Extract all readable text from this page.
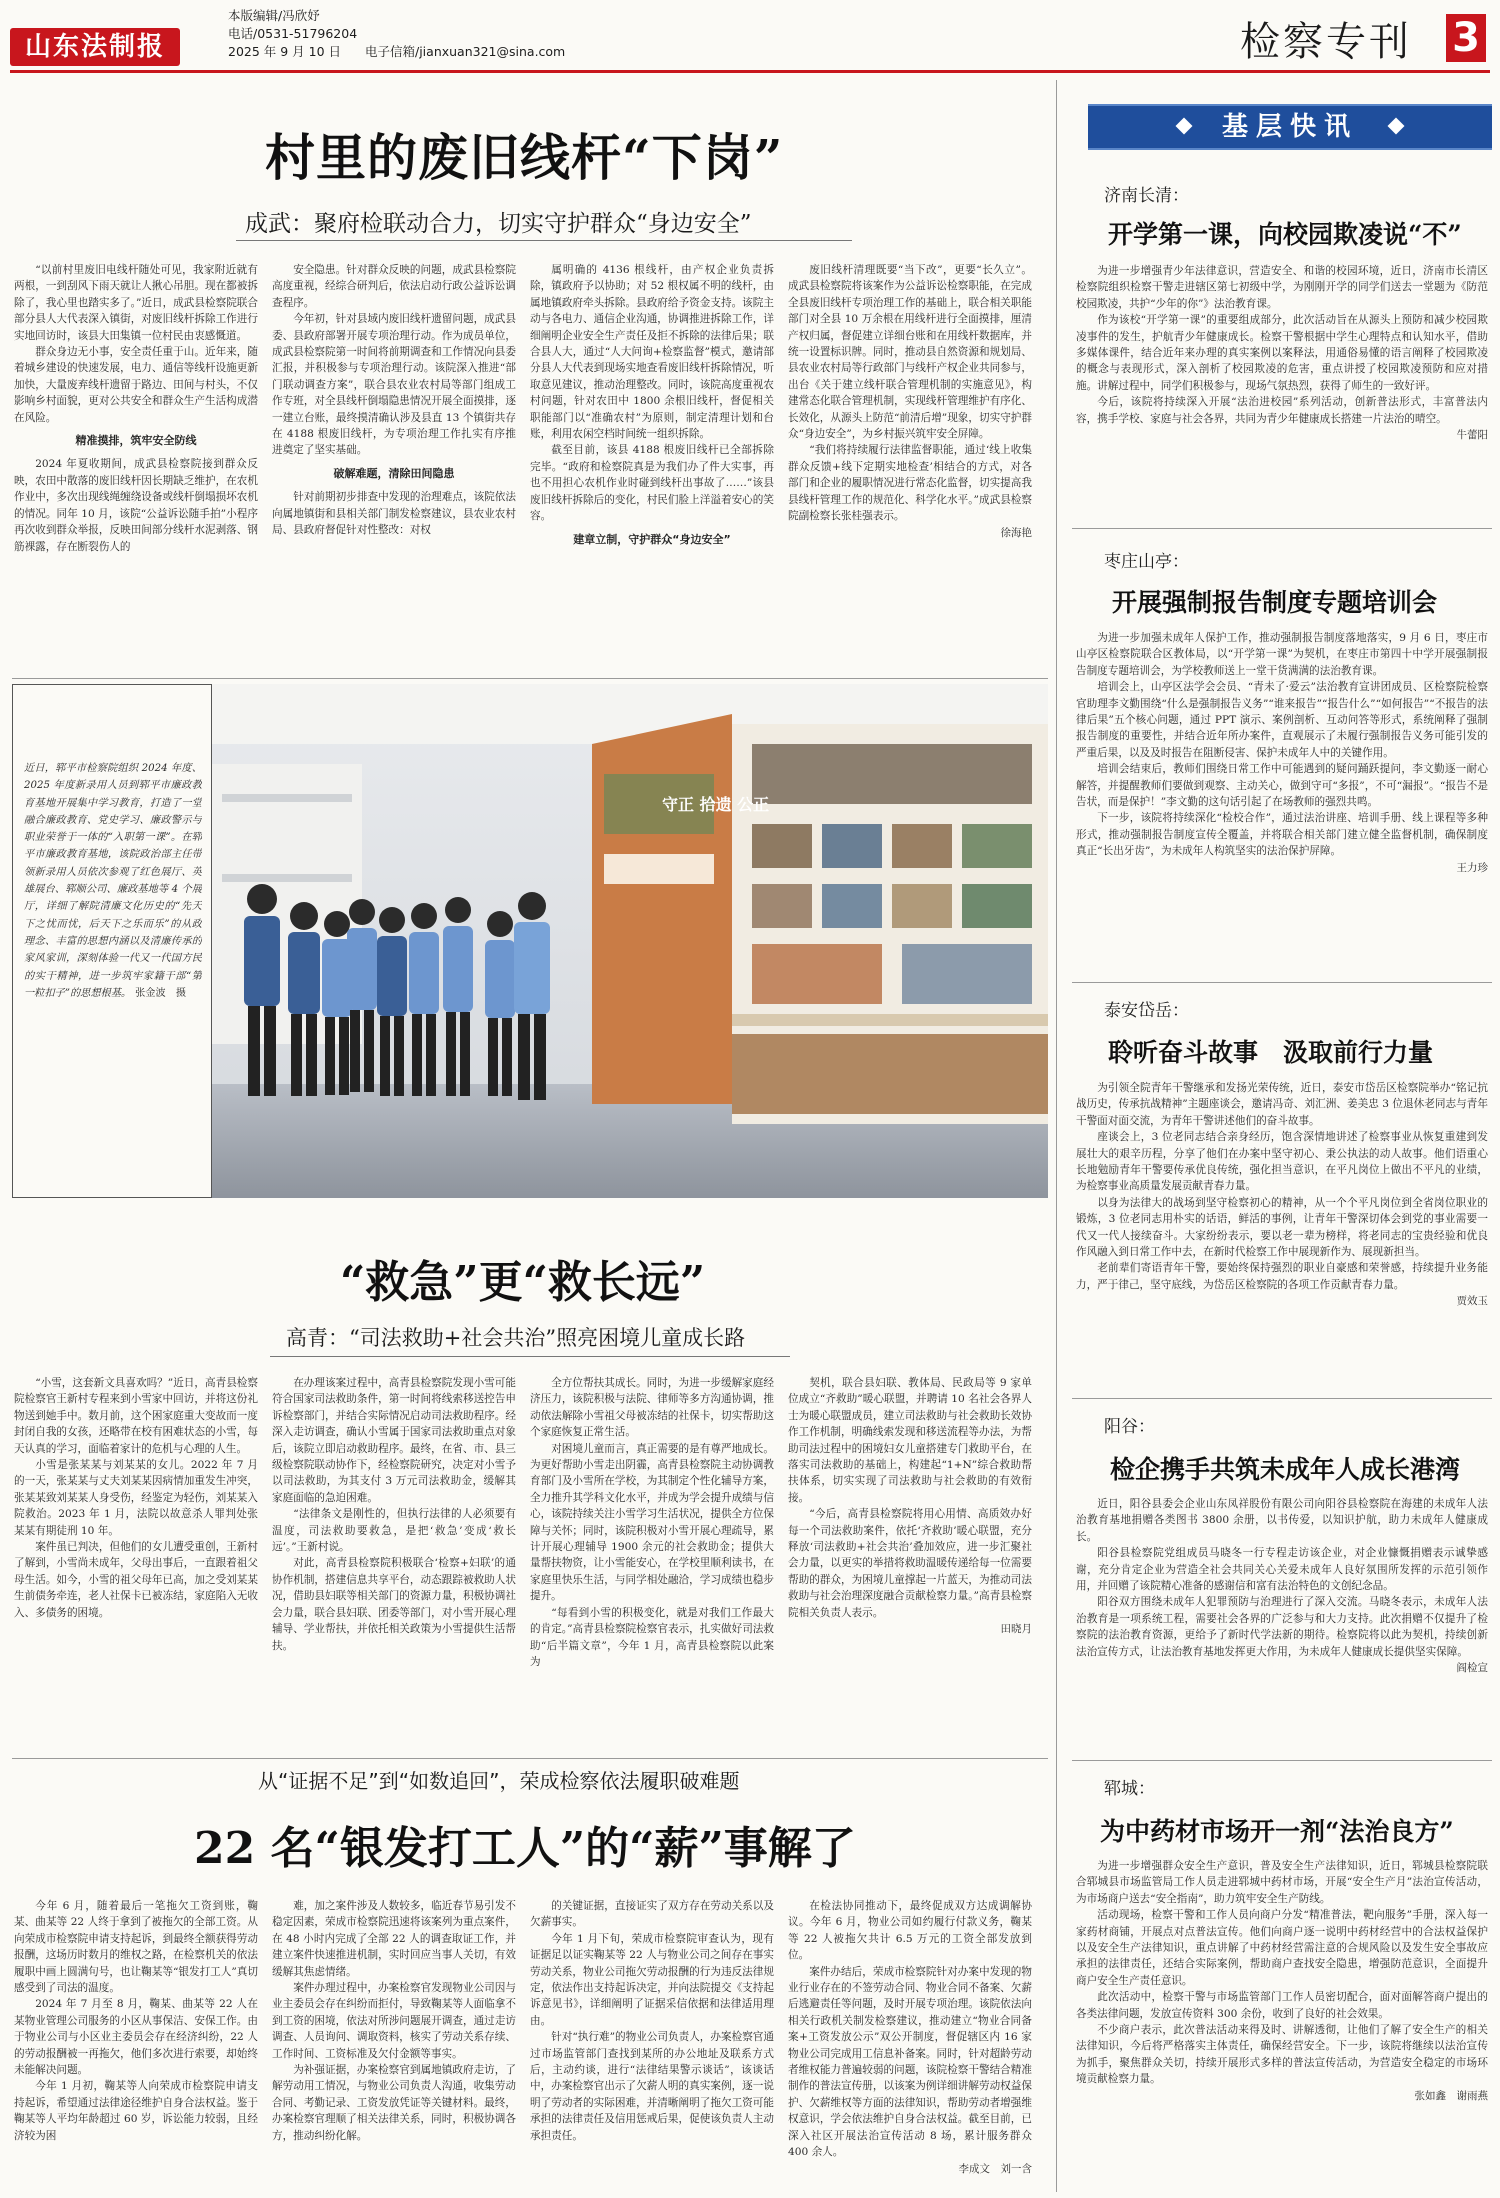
山东法制报
本版编辑/冯欣妤
电话/0531-51796204
2025 年 9 月 10 日 电子信箱/jianxuan321@sina.com	检察专刊 3
村里的废旧线杆“下岗”
成武：聚府检联动合力，切实守护群众“身边安全”

“以前村里废旧电线杆随处可见，我家附近就有两根，一到刮风下雨天就让人揪心吊胆。现在都被拆除了，我心里也踏实多了。”近日，成武县检察院联合部分县人大代表深入镇街，对废旧线杆拆除工作进行实地回访时，该县大田集镇一位村民由衷感慨道。

群众身边无小事，安全责任重于山。近年来，随着城乡建设的快速发展，电力、通信等线杆设施更新加快，大量废弃线杆遗留于路边、田间与村头，不仅影响乡村面貌，更对公共安全和群众生产生活构成潜在风险。

精准摸排，筑牢安全防线

2024 年夏收期间，成武县检察院接到群众反映，农田中散落的废旧线杆因长期缺乏维护，在农机作业中，多次出现线绳缠绕设备或线杆倒塌损坏农机的情况。同年 10 月，该院“公益诉讼随手拍”小程序再次收到群众举报，反映田间部分线杆水泥剥落、钢筋裸露，存在断裂伤人的

安全隐患。针对群众反映的问题，成武县检察院高度重视，经综合研判后，依法启动行政公益诉讼调查程序。

今年初，针对县域内废旧线杆遗留问题，成武县委、县政府部署开展专项治理行动。作为成员单位，成武县检察院第一时间将前期调查和工作情况向县委汇报，并积极参与专项治理行动。该院深入推进“部门联动调查方案”，联合县农业农村局等部门组成工作专班，对全县线杆倒塌隐患情况开展全面摸排，逐一建立台账，最终摸清确认涉及县直 13 个镇街共存在 4188 根废旧线杆，为专项治理工作扎实有序推进奠定了坚实基础。

破解难题，清除田间隐患

针对前期初步排查中发现的治理难点，该院依法向属地镇街和县相关部门制发检察建议，县农业农村局、县政府督促针对性整改：对权

属明确的 4136 根线杆，由产权企业负责拆除，镇政府予以协助；对 52 根权属不明的线杆，由属地镇政府牵头拆除。县政府给予资金支持。该院主动与各电力、通信企业沟通，协调推进拆除工作，详细阐明企业安全生产责任及拒不拆除的法律后果；联合县人大，通过“人大问询+检察监督”模式，邀请部分县人大代表到现场实地查看废旧线杆拆除情况，听取意见建议，推动治理整改。同时，该院高度重视农村问题，针对农田中 1800 余根旧线杆，督促相关职能部门以“准确农村”为原则，制定清理计划和台账，利用农闲空档时间统一组织拆除。

截至目前，该县 4188 根废旧线杆已全部拆除完毕。“政府和检察院真是为我们办了件大实事，再也不用担心农机作业时碰到线杆出事故了……”该县废旧线杆拆除后的变化，村民们脸上洋溢着安心的笑容。

建章立制，守护群众“身边安全”

废旧线杆清理既要“当下改”，更要“长久立”。成武县检察院将该案作为公益诉讼检察职能，在完成全县废旧线杆专项治理工作的基础上，联合相关职能部门对全县 10 万余根在用线杆进行全面摸排，厘清产权归属，督促建立详细台账和在用线杆数据库，并统一设置标识牌。同时，推动县自然资源和规划局、县农业农村局等行政部门与线杆产权企业共同参与，出台《关于建立线杆联合管理机制的实施意见》，构建常态化联合管理机制，实现线杆管理维护有序化、长效化，从源头上防范“前清后增”现象，切实守护群众“身边安全”，为乡村振兴筑牢安全屏障。

“我们将持续履行法律监督职能，通过‘线上收集群众反馈+线下定期实地检查’相结合的方式，对各部门和企业的履职情况进行常态化监督，切实提高我县线杆管理工作的规范化、科学化水平。”成武县检察院副检察长张桂强表示。

徐海艳
近日，郓平市检察院组织 2024 年度、2025 年度新录用人员到郓平市廉政教育基地开展集中学习教育，打造了一堂融合廉政教育、党史学习、廉政警示与职业荣誉于一体的“入职第一课”。在郓平市廉政教育基地，该院政治部主任带领新录用人员依次参观了红色展厅、英雄展台、郓顺公司、廉政基地等 4 个展厅，详细了解院清廉文化历史的“先天下之忧而忧，后天下之乐而乐”的从政理念、丰富的思想内涵以及清廉传承的家风家训，深刻体验一代又一代国方民的实干精神，进一步筑牢家籍干部“第一粒扣子”的思想根基。 张金波　摄
守正 拾遗 公正
“救急”更“救长远”
高青：“司法救助+社会共治”照亮困境儿童成长路

“小雪，这套新文具喜欢吗？”近日，高青县检察院检察官王新村专程来到小雪家中回访，并将这份礼物送到她手中。数月前，这个困家庭重大变故而一度封闭自我的女孩，还略带在校有困难状态的小雪，每天认真的学习，面临着家计的危机与心理的人生。

小雪是张某某与刘某某的女儿。2022 年 7 月的一天，张某某与丈夫刘某某因病情加重发生冲突，张某某致刘某某人身受伤，经鉴定为轻伤，刘某某入院救治。2023 年 1 月，法院以故意杀人罪判处张某某有期徒刑 10 年。

案件虽已判决，但他们的女儿遭受重创，王新村了解到，小雪尚未成年，父母出事后，一直跟着祖父母生活。如今，小雪的祖父母年已高，加之受刘某某生前债务牵连，老人社保卡已被冻结，家庭陷入无收入、多债务的困境。

在办理该案过程中，高青县检察院发现小雪可能符合国家司法救助条件，第一时间将线索移送控告申诉检察部门，并结合实际情况启动司法救助程序。经深入走访调查，确认小雪属于国家司法救助重点对象后，该院立即启动救助程序。最终，在省、市、县三级检察院联动协作下，经检察院研究，决定对小雪予以司法救助，为其支付 3 万元司法救助金，缓解其家庭面临的急迫困难。

“法律条文是刚性的，但执行法律的人必须要有温度，司法救助要救急，是把‘救急’变成‘救长远’。”王新村说。

对此，高青县检察院积极联合‘检察+妇联’的通协作机制，搭建信息共享平台，动态跟踪被救助人状况，借助县妇联等相关部门的资源力量，积极协调社会力量，联合县妇联、团委等部门，对小雪开展心理辅导、学业帮扶，并依托相关政策为小雪提供生活帮扶。

全方位帮扶其成长。同时，为进一步缓解家庭经济压力，该院积极与法院、律师等多方沟通协调，推动依法解除小雪祖父母被冻结的社保卡，切实帮助这个家庭恢复正常生活。

对困境儿童而言，真正需要的是有尊严地成长。为更好帮助小雪走出阴霾，高青县检察院主动协调教育部门及小雪所在学校，为其制定个性化辅导方案，全力推升其学科文化水平，并成为学会提升成绩与信心，该院持续关注小雪学习生活状况，提供全方位保障与关怀；同时，该院积极对小雪开展心理疏导，累计开展心理辅导 1900 余元的社会救助金；提供大量帮扶物资，让小雪能安心，在学校里顺利读书，在家庭里快乐生活，与同学相处融洽，学习成绩也稳步提升。

“每看到小雪的积极变化，就是对我们工作最大的肯定。”高青县检察院检察官表示，扎实做好司法救助“后半篇文章”，今年 1 月，高青县检察院以此案为

契机，联合县妇联、教体局、民政局等 9 家单位成立“齐救助”暖心联盟，并聘请 10 名社会各界人士为暖心联盟成员，建立司法救助与社会救助长效协作工作机制，明确线索发现和移送流程等办法，为帮助司法过程中的困境妇女儿童搭建专门救助平台，在落实司法救助的基础上，构建起“1+N”综合救助帮扶体系，切实实现了司法救助与社会救助的有效衔接。

“今后，高青县检察院将用心用情、高质效办好每一个司法救助案件，依托‘齐救助’暖心联盟，充分释放‘司法救助+社会共治’叠加效应，进一步汇聚社会力量，以更实的举措将救助温暖传递给每一位需要帮助的群众，为困境儿童撑起一片蓝天，为推动司法救助与社会治理深度融合贡献检察力量。”高青县检察院相关负责人表示。

田晓月
从“证据不足”到“如数追回”，荣成检察依法履职破难题
22 名“银发打工人”的“薪”事解了

今年 6 月，随着最后一笔拖欠工资到账，鞠某、曲某等 22 人终于拿到了被拖欠的全部工资。从向荣成市检察院申请支持起诉，到最终全额获得劳动报酬，这场历时数月的维权之路，在检察机关的依法履职中画上圆满句号，也让鞠某等“银发打工人”真切感受到了司法的温度。

2024 年 7 月至 8 月，鞠某、曲某等 22 人在某物业管理公司服务的小区从事保洁、安保工作。由于物业公司与小区业主委员会存在经济纠纷，22 人的劳动报酬被一再拖欠，他们多次进行索要，却始终未能解决问题。

今年 1 月初，鞠某等人向荣成市检察院申请支持起诉，希望通过法律途径维护自身合法权益。鉴于鞠某等人平均年龄超过 60 岁，诉讼能力较弱，且经济较为困

难，加之案件涉及人数较多，临近春节易引发不稳定因素，荣成市检察院迅速将该案列为重点案件，在 48 小时内完成了全部 22 人的调查取证工作，并建立案件快速推进机制，实时回应当事人关切，有效缓解其焦虑情绪。

案件办理过程中，办案检察官发现物业公司因与业主委员会存在纠纷而拒付，导致鞠某等人面临拿不到工资的困境，依法对所涉问题展开调查，通过走访调查、人员询问、调取资料，核实了劳动关系存续、工作时间、工资标准及欠付金额等事实。

为补强证据，办案检察官到属地镇政府走访，了解劳动用工情况，与物业公司负责人沟通，收集劳动合同、考勤记录、工资发放凭证等关键材料。最终，办案检察官理顺了相关法律关系，同时，积极协调各方，推动纠纷化解。

的关键证据，直接证实了双方存在劳动关系以及欠薪事实。

今年 1 月下旬，荣成市检察院审查认为，现有证据足以证实鞠某等 22 人与物业公司之间存在事实劳动关系，物业公司拖欠劳动报酬的行为违反法律规定，依法作出支持起诉决定，并向法院提交《支持起诉意见书》，详细阐明了证据采信依据和法律适用理由。

针对“执行难”的物业公司负责人，办案检察官通过市场监管部门查找到某所的办公地址及联系方式后，主动约谈，进行“法律结果警示谈话”，该谈话中，办案检察官出示了欠薪人明的真实案例，逐一说明了劳动者的实际困难，并清晰阐明了拖欠工资可能承担的法律责任及信用惩戒后果，促使该负责人主动承担责任。

在检法协同推动下，最终促成双方达成调解协议。今年 6 月，物业公司如约履行付款义务，鞠某等 22 人被拖欠共计 6.5 万元的工资全部发放到位。

案件办结后，荣成市检察院针对办案中发现的物业行业存在的不签劳动合同、物业合同不备案、欠薪后逃避责任等问题，及时开展专项治理。该院依法向相关行政机关制发检察建议，推动建立“物业合同备案+工资发放公示”双公开制度，督促辖区内 16 家物业公司完成用工信息补备案。同时，针对超龄劳动者维权能力普遍较弱的问题，该院检察干警结合精准制作的普法宣传册，以该案为例详细讲解劳动权益保护、欠薪维权等方面的法律知识，帮助劳动者增强维权意识，学会依法维护自身合法权益。截至目前，已深入社区开展法治宣传活动 8 场，累计服务群众 400 余人。

李成文　刘一含
基层快讯
济南长清：
开学第一课，向校园欺凌说“不”

为进一步增强青少年法律意识，营造安全、和谐的校园环境，近日，济南市长清区检察院组织检察干警走进辖区第七初级中学，为刚刚开学的同学们送去一堂题为《防范校园欺凌，共护“少年的你”》法治教育课。

作为该校“开学第一课”的重要组成部分，此次活动旨在从源头上预防和减少校园欺凌事件的发生，护航青少年健康成长。检察干警根据中学生心理特点和认知水平，借助多媒体课件，结合近年来办理的真实案例以案释法，用通俗易懂的语言阐释了校园欺凌的概念与表现形式，深入剖析了校园欺凌的危害，重点讲授了校园欺凌预防和应对措施。讲解过程中，同学们积极参与，现场气氛热烈，获得了师生的一致好评。

今后，该院将持续深入开展“法治进校园”系列活动，创新普法形式，丰富普法内容，携手学校、家庭与社会各界，共同为青少年健康成长搭建一片法治的晴空。

牛蕾阳
枣庄山亭：
开展强制报告制度专题培训会

为进一步加强未成年人保护工作，推动强制报告制度落地落实，9 月 6 日，枣庄市山亭区检察院联合区教体局，以“开学第一课”为契机，在枣庄市第四十中学开展强制报告制度专题培训会，为学校教师送上一堂干货满满的法治教育课。

培训会上，山亭区法学会会员、“青未了·爱云”法治教育宣讲团成员、区检察院检察官助理李文勤围绕“什么是强制报告义务”“谁来报告”“报告什么”“如何报告”“不报告的法律后果”五个核心问题，通过 PPT 演示、案例剖析、互动问答等形式，系统阐释了强制报告制度的重要性，并结合近年所办案件，直观展示了未履行强制报告义务可能引发的严重后果，以及及时报告在阻断侵害、保护未成年人中的关键作用。

培训会结束后，教师们围绕日常工作中可能遇到的疑问踊跃提问，李文勤逐一耐心解答，并提醒教师们要做到观察、主动关心，做到守可“多报”，不可“漏报”。“报告不是告状，而是保护！”李文勤的这句话引起了在场教师的强烈共鸣。

下一步，该院将持续深化“检校合作”，通过法治讲座、培训手册、线上课程等多种形式，推动强制报告制度宣传全覆盖，并将联合相关部门建立健全监督机制，确保制度真正“长出牙齿”，为未成年人构筑坚实的法治保护屏障。

王力珍
泰安岱岳：
聆听奋斗故事　汲取前行力量

为引领全院青年干警继承和发扬光荣传统，近日，泰安市岱岳区检察院举办“铭记抗战历史，传承抗战精神”主题座谈会，邀请冯奇、刘汇洲、姜美忠 3 位退休老同志与青年干警面对面交流，为青年干警讲述他们的奋斗故事。

座谈会上，3 位老同志结合亲身经历，饱含深情地讲述了检察事业从恢复重建到发展壮大的艰辛历程，分享了他们在办案中坚守初心、秉公执法的动人故事。他们语重心长地勉励青年干警要传承优良传统，强化担当意识，在平凡岗位上做出不平凡的业绩，为检察事业高质量发展贡献青春力量。

以身为法律大的战场到坚守检察初心的精神，从一个个平凡岗位到全省岗位职业的锻炼，3 位老同志用朴实的话语，鲜活的事例，让青年干警深切体会到党的事业需要一代又一代人接续奋斗。大家纷纷表示，要以老一辈为榜样，将老同志的宝贵经验和优良作风融入到日常工作中去，在新时代检察工作中展现新作为、展现新担当。

老前辈们寄语青年干警，要始终保持强烈的职业自豪感和荣誉感，持续提升业务能力，严于律己，坚守底线，为岱岳区检察院的各项工作贡献青春力量。

贾效玉
阳谷：
检企携手共筑未成年人成长港湾

近日，阳谷县委会企业山东凤祥股份有限公司向阳谷县检察院在海建的未成年人法治教育基地捐赠各类图书 3800 余册，以书传爱，以知识护航，助力未成年人健康成长。

阳谷县检察院党组成员马晓冬一行专程走访该企业，对企业慷慨捐赠表示诚挚感谢，充分肯定企业为营造全社会共同关心关爱未成年人良好氛围所发挥的示范引领作用，并回赠了该院精心准备的感谢信和富有法治特色的文创纪念品。

阳谷双方围绕未成年人犯罪预防与治理进行了深入交流。马晓冬表示，未成年人法治教育是一项系统工程，需要社会各界的广泛参与和大力支持。此次捐赠不仅提升了检察院的法治教育资源，更给予了新时代学法新的期待。检察院将以此为契机，持续创新法治宣传方式，让法治教育基地发挥更大作用，为未成年人健康成长提供坚实保障。

阎检宣
郓城：
为中药材市场开一剂“法治良方”

为进一步增强群众安全生产意识，普及安全生产法律知识，近日，郓城县检察院联合郓城县市场监管局工作人员走进郓城中药材市场，开展“安全生产月”法治宣传活动，为市场商户送去“安全指南”，助力筑牢安全生产防线。

活动现场，检察干警和工作人员向商户分发“精准普法，靶向服务”手册，深入每一家药材商铺，开展点对点普法宣传。他们向商户逐一说明中药材经营中的合法权益保护以及安全生产法律知识，重点讲解了中药材经营需注意的合规风险以及发生安全事故应承担的法律责任，还结合实际案例，帮助商户查找安全隐患，增强防范意识，全面提升商户安全生产责任意识。

此次活动中，检察干警与市场监管部门工作人员密切配合，面对面解答商户提出的各类法律问题，发放宣传资料 300 余份，收到了良好的社会效果。

不少商户表示，此次普法活动来得及时、讲解透彻，让他们了解了安全生产的相关法律知识，今后将严格落实主体责任，确保经营安全。下一步，该院将继续以法治宣传为抓手，聚焦群众关切，持续开展形式多样的普法宣传活动，为营造安全稳定的市场环境贡献检察力量。

张如鑫　谢雨燕
